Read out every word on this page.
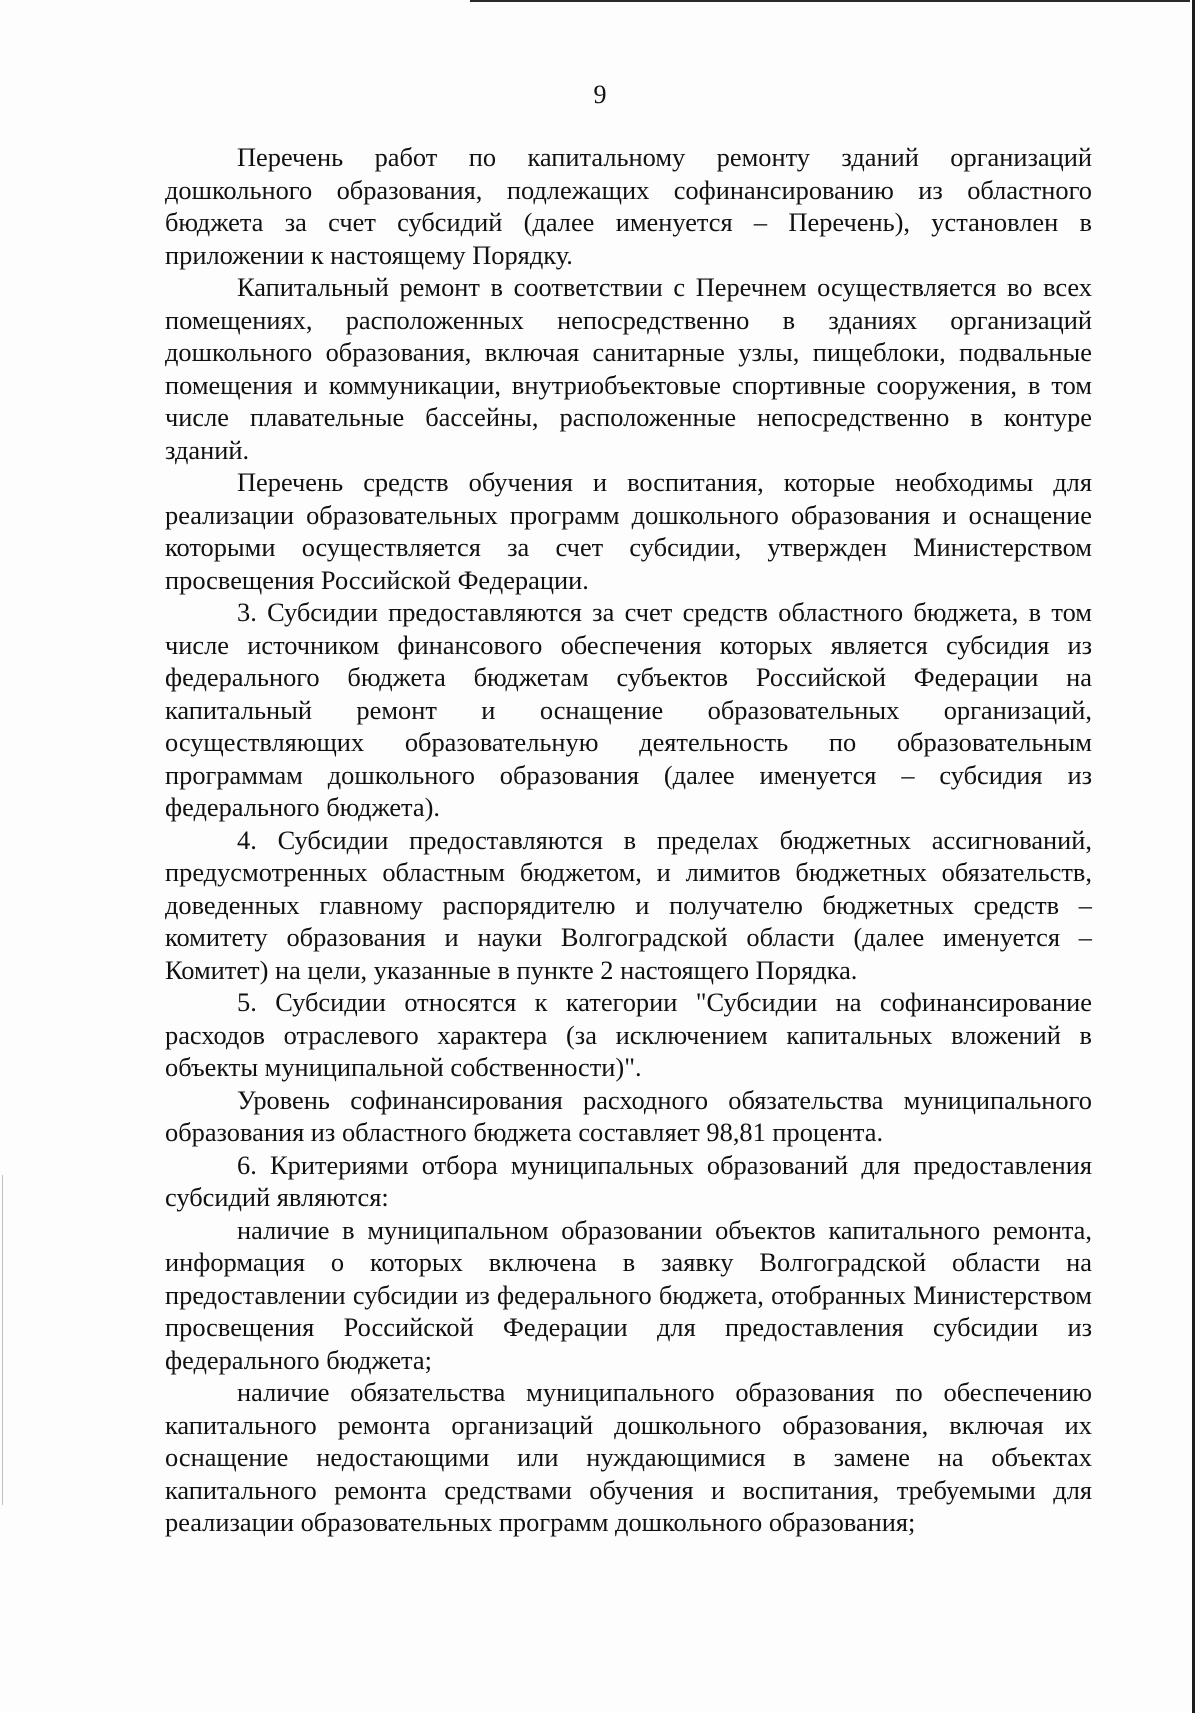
9

Перечень работ по капитальному ремонту зданий организаций дошкольного образования, подлежащих софинансированию из областного бюджета за счет субсидий (далее именуется – Перечень), установлен в приложении к настоящему Порядку.

Капитальный ремонт в соответствии с Перечнем осуществляется во всех помещениях, расположенных непосредственно в зданиях организаций дошкольного образования, включая санитарные узлы, пищеблоки, подвальные помещения и коммуникации, внутриобъектовые спортивные сооружения, в том числе плавательные бассейны, расположенные непосредственно в контуре зданий.

Перечень средств обучения и воспитания, которые необходимы для реализации образовательных программ дошкольного образования и оснащение которыми осуществляется за счет субсидии, утвержден Министерством просвещения Российской Федерации.

3. Субсидии предоставляются за счет средств областного бюджета, в том числе источником финансового обеспечения которых является субсидия из федерального бюджета бюджетам субъектов Российской Федерации на капитальный ремонт и оснащение образовательных организаций, осуществляющих образовательную деятельность по образовательным программам дошкольного образования (далее именуется – субсидия из федерального бюджета).

4. Субсидии предоставляются в пределах бюджетных ассигнований, предусмотренных областным бюджетом, и лимитов бюджетных обязательств, доведенных главному распорядителю и получателю бюджетных средств – комитету образования и науки Волгоградской области (далее именуется – Комитет) на цели, указанные в пункте 2 настоящего Порядка.

5. Субсидии относятся к категории "Субсидии на софинансирование расходов отраслевого характера (за исключением капитальных вложений в объекты муниципальной собственности)".

Уровень софинансирования расходного обязательства муниципального образования из областного бюджета составляет 98,81 процента.

6. Критериями отбора муниципальных образований для предоставления субсидий являются:

наличие в муниципальном образовании объектов капитального ремонта, информация о которых включена в заявку Волгоградской области на предоставлении субсидии из федерального бюджета, отобранных Министерством просвещения Российской Федерации для предоставления субсидии из федерального бюджета;

наличие обязательства муниципального образования по обеспечению капитального ремонта организаций дошкольного образования, включая их оснащение недостающими или нуждающимися в замене на объектах капитального ремонта средствами обучения и воспитания, требуемыми для реализации образовательных программ дошкольного образования;
